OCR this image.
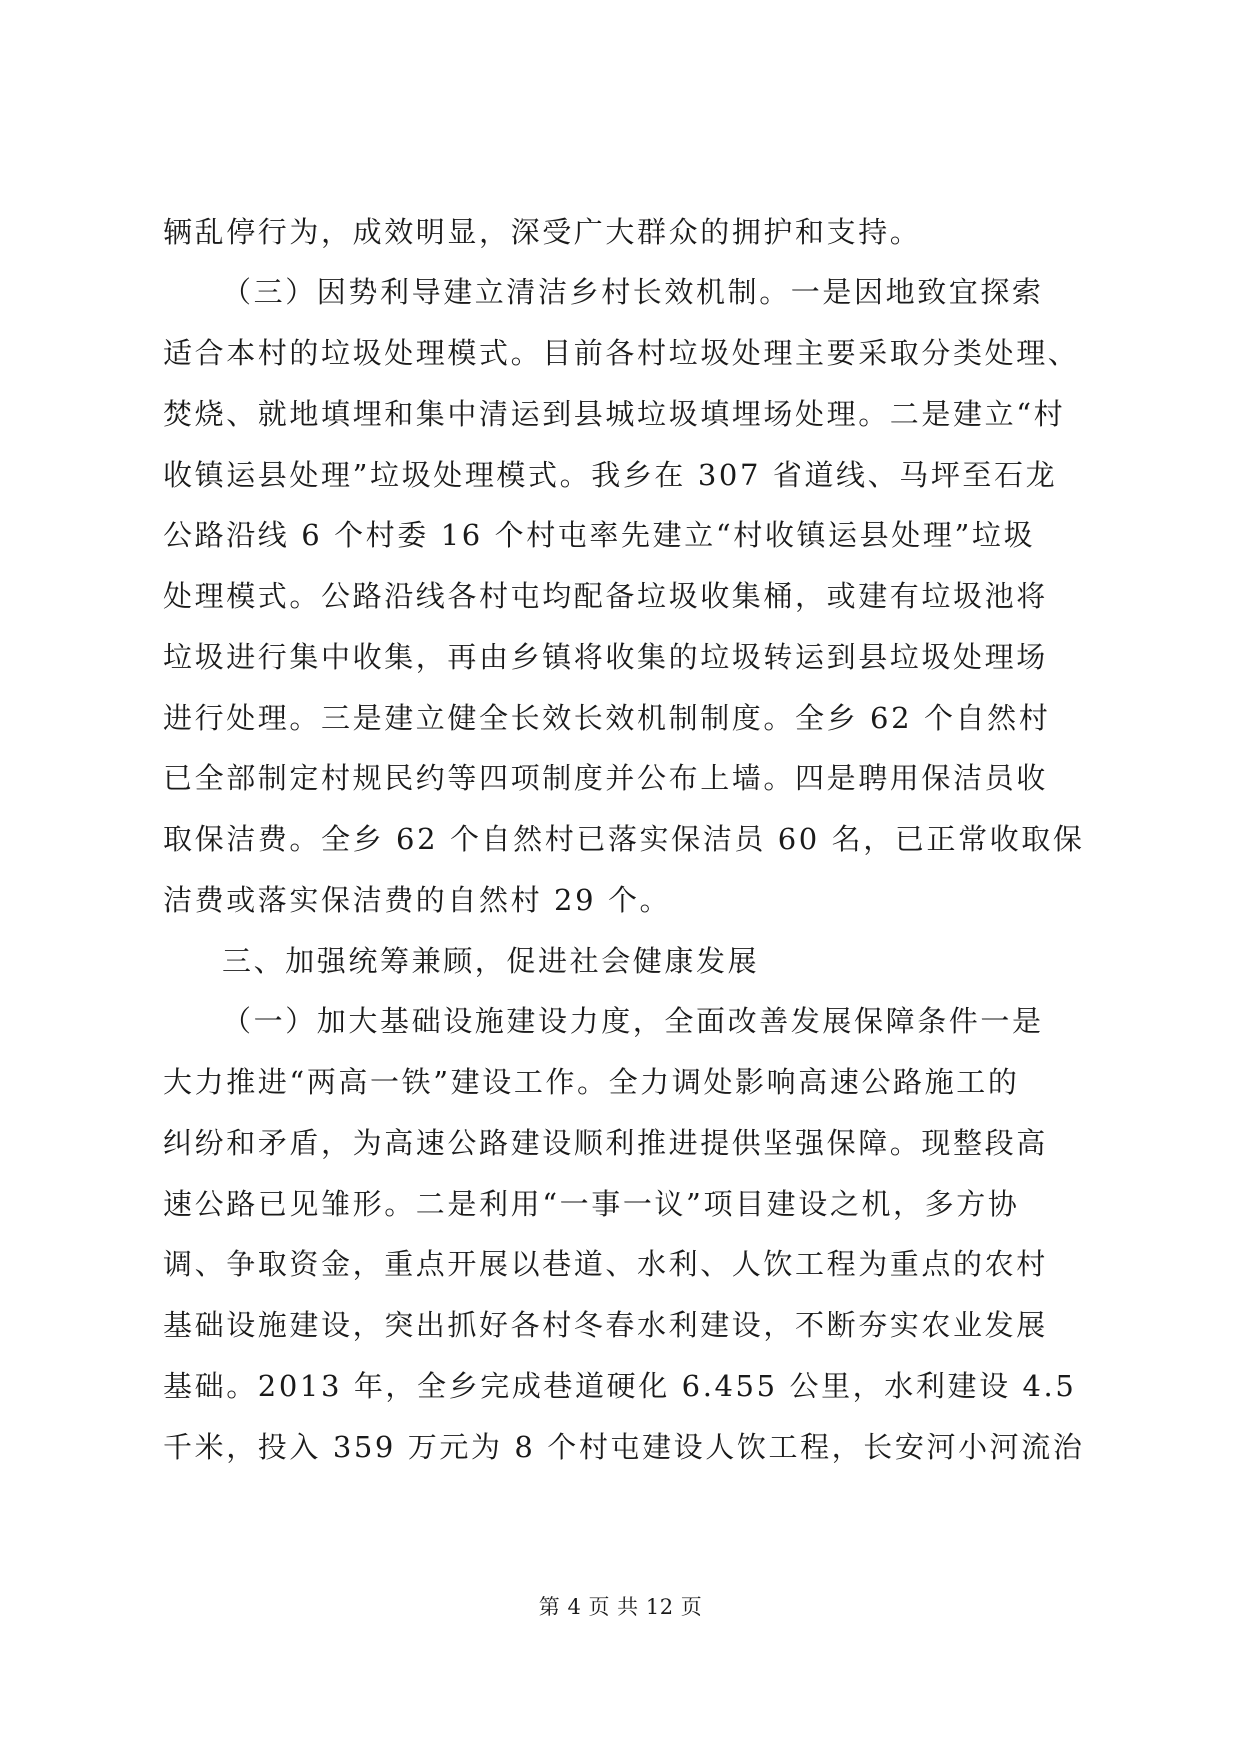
辆乱停行为，成效明显，深受广大群众的拥护和支持。
（三）因势利导建立清洁乡村长效机制。一是因地致宜探索
适合本村的垃圾处理模式。目前各村垃圾处理主要采取分类处理、
焚烧、就地填埋和集中清运到县城垃圾填埋场处理。二是建立“村
收镇运县处理”垃圾处理模式。我乡在 307 省道线、马坪至石龙
公路沿线 6 个村委 16 个村屯率先建立“村收镇运县处理”垃圾
处理模式。公路沿线各村屯均配备垃圾收集桶，或建有垃圾池将
垃圾进行集中收集，再由乡镇将收集的垃圾转运到县垃圾处理场
进行处理。三是建立健全长效长效机制制度。全乡 62 个自然村
已全部制定村规民约等四项制度并公布上墙。四是聘用保洁员收
取保洁费。全乡 62 个自然村已落实保洁员 60 名，已正常收取保
洁费或落实保洁费的自然村 29 个。
三、加强统筹兼顾，促进社会健康发展
（一）加大基础设施建设力度，全面改善发展保障条件一是
大力推进“两高一铁”建设工作。全力调处影响高速公路施工的
纠纷和矛盾，为高速公路建设顺利推进提供坚强保障。现整段高
速公路已见雏形。二是利用“一事一议”项目建设之机，多方协
调、争取资金，重点开展以巷道、水利、人饮工程为重点的农村
基础设施建设，突出抓好各村冬春水利建设，不断夯实农业发展
基础。2013 年，全乡完成巷道硬化 6.455 公里，水利建设 4.5
千米，投入 359 万元为 8 个村屯建设人饮工程，长安河小河流治
第 4 页 共 12 页
